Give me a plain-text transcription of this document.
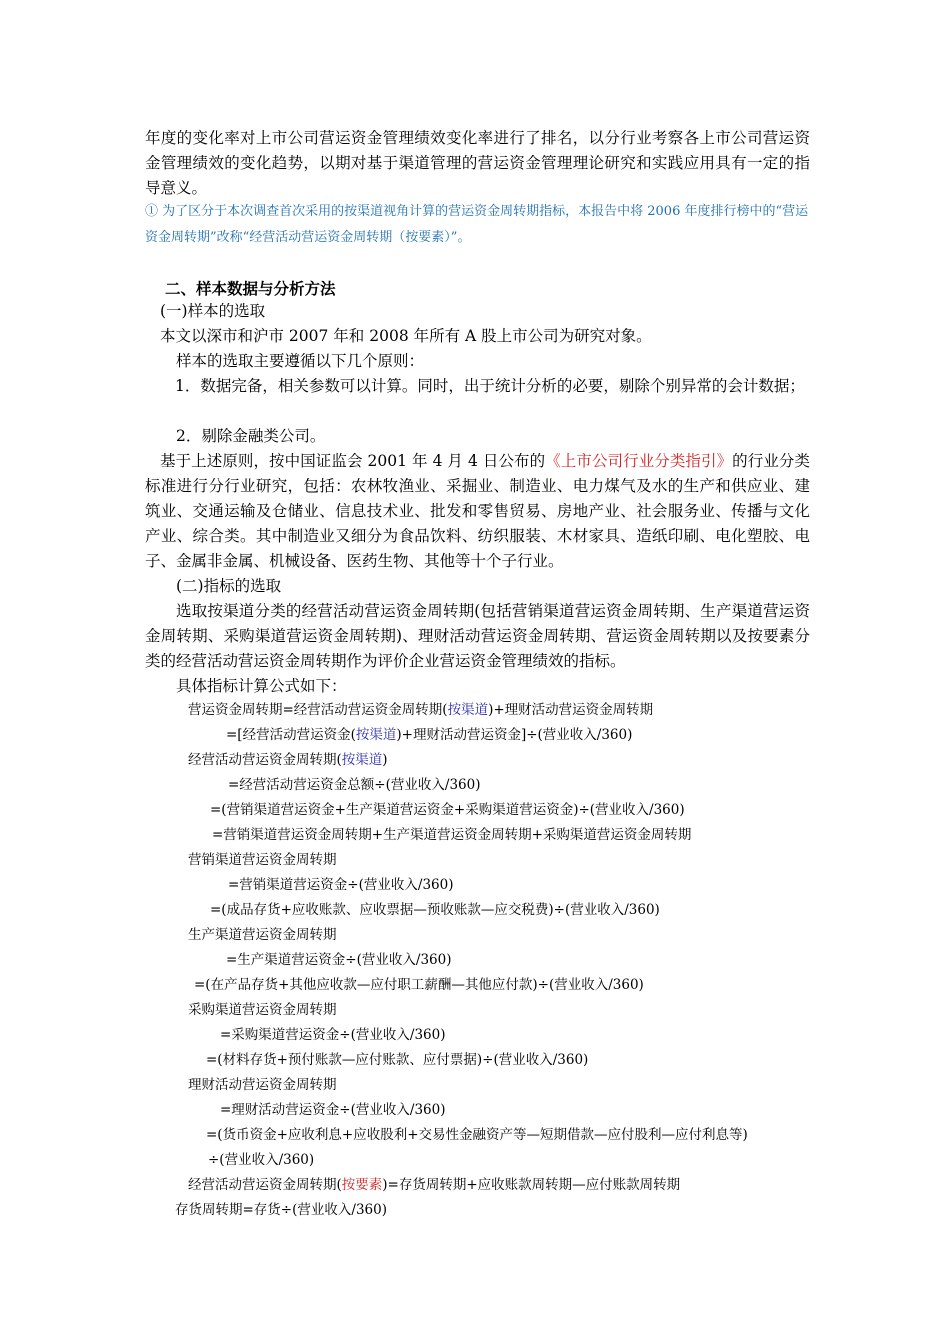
年度的变化率对上市公司营运资金管理绩效变化率进行了排名，以分行业考察各上市公司营运资金管理绩效的变化趋势，以期对基于渠道管理的营运资金管理理论研究和实践应用具有一定的指导意义。

① 为了区分于本次调查首次采用的按渠道视角计算的营运资金周转期指标，本报告中将 2006 年度排行榜中的“营运资金周转期”改称“经营活动营运资金周转期（按要素）”。

二、样本数据与分析方法

(一)样本的选取

本文以深市和沪市 2007 年和 2008 年所有 A 股上市公司为研究对象。

样本的选取主要遵循以下几个原则：

1．数据完备，相关参数可以计算。同时，出于统计分析的必要，剔除个别异常的会计数据；

2．剔除金融类公司。

基于上述原则，按中国证监会 2001 年 4 月 4 日公布的《上市公司行业分类指引》的行业分类标准进行分行业研究，包括：农林牧渔业、采掘业、制造业、电力煤气及水的生产和供应业、建筑业、交通运输及仓储业、信息技术业、批发和零售贸易、房地产业、社会服务业、传播与文化产业、综合类。其中制造业又细分为食品饮料、纺织服装、木材家具、造纸印刷、电化塑胶、电子、金属非金属、机械设备、医药生物、其他等十个子行业。

(二)指标的选取

选取按渠道分类的经营活动营运资金周转期(包括营销渠道营运资金周转期、生产渠道营运资金周转期、采购渠道营运资金周转期)、理财活动营运资金周转期、营运资金周转期以及按要素分类的经营活动营运资金周转期作为评价企业营运资金管理绩效的指标。

具体指标计算公式如下：

营运资金周转期=经营活动营运资金周转期(按渠道)+理财活动营运资金周转期

=[经营活动营运资金(按渠道)+理财活动营运资金]÷(营业收入/360)

经营活动营运资金周转期(按渠道)

=经营活动营运资金总额÷(营业收入/360)

=(营销渠道营运资金+生产渠道营运资金+采购渠道营运资金)÷(营业收入/360)

=营销渠道营运资金周转期+生产渠道营运资金周转期+采购渠道营运资金周转期

营销渠道营运资金周转期

=营销渠道营运资金÷(营业收入/360)

=(成品存货+应收账款、应收票据—预收账款—应交税费)÷(营业收入/360)

生产渠道营运资金周转期

=生产渠道营运资金÷(营业收入/360)

=(在产品存货+其他应收款—应付职工薪酬—其他应付款)÷(营业收入/360)

采购渠道营运资金周转期

=采购渠道营运资金÷(营业收入/360)

=(材料存货+预付账款—应付账款、应付票据)÷(营业收入/360)

理财活动营运资金周转期

=理财活动营运资金÷(营业收入/360)

=(货币资金+应收利息+应收股利+交易性金融资产等—短期借款—应付股利—应付利息等)

÷(营业收入/360)

经营活动营运资金周转期(按要素)=存货周转期+应收账款周转期—应付账款周转期

存货周转期=存货÷(营业收入/360)
